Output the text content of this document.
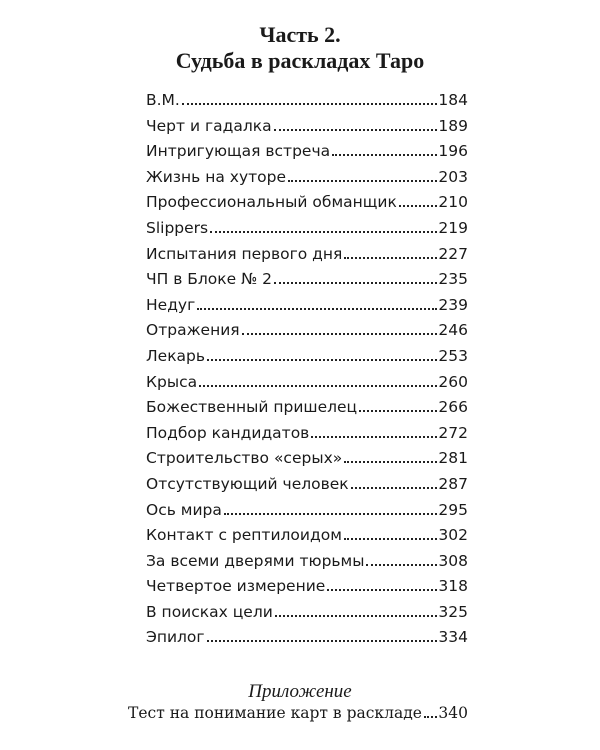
Часть 2.
Судьба в раскладах Таро
В.М.	184
Черт и гадалка	189
Интригующая встреча	196
Жизнь на хуторе	203
Профессиональный обманщик	210
Slippers	219
Испытания первого дня	227
ЧП в Блоке № 2	235
Недуг	239
Отражения	246
Лекарь	253
Крыса	260
Божественный пришелец	266
Подбор кандидатов	272
Строительство «серых»	281
Отсутствующий человек	287
Ось мира	295
Контакт с рептилоидом	302
За всеми дверями тюрьмы	308
Четвертое измерение	318
В поисках цели	325
Эпилог	334
Приложение
Тест на понимание карт в раскладе 340
